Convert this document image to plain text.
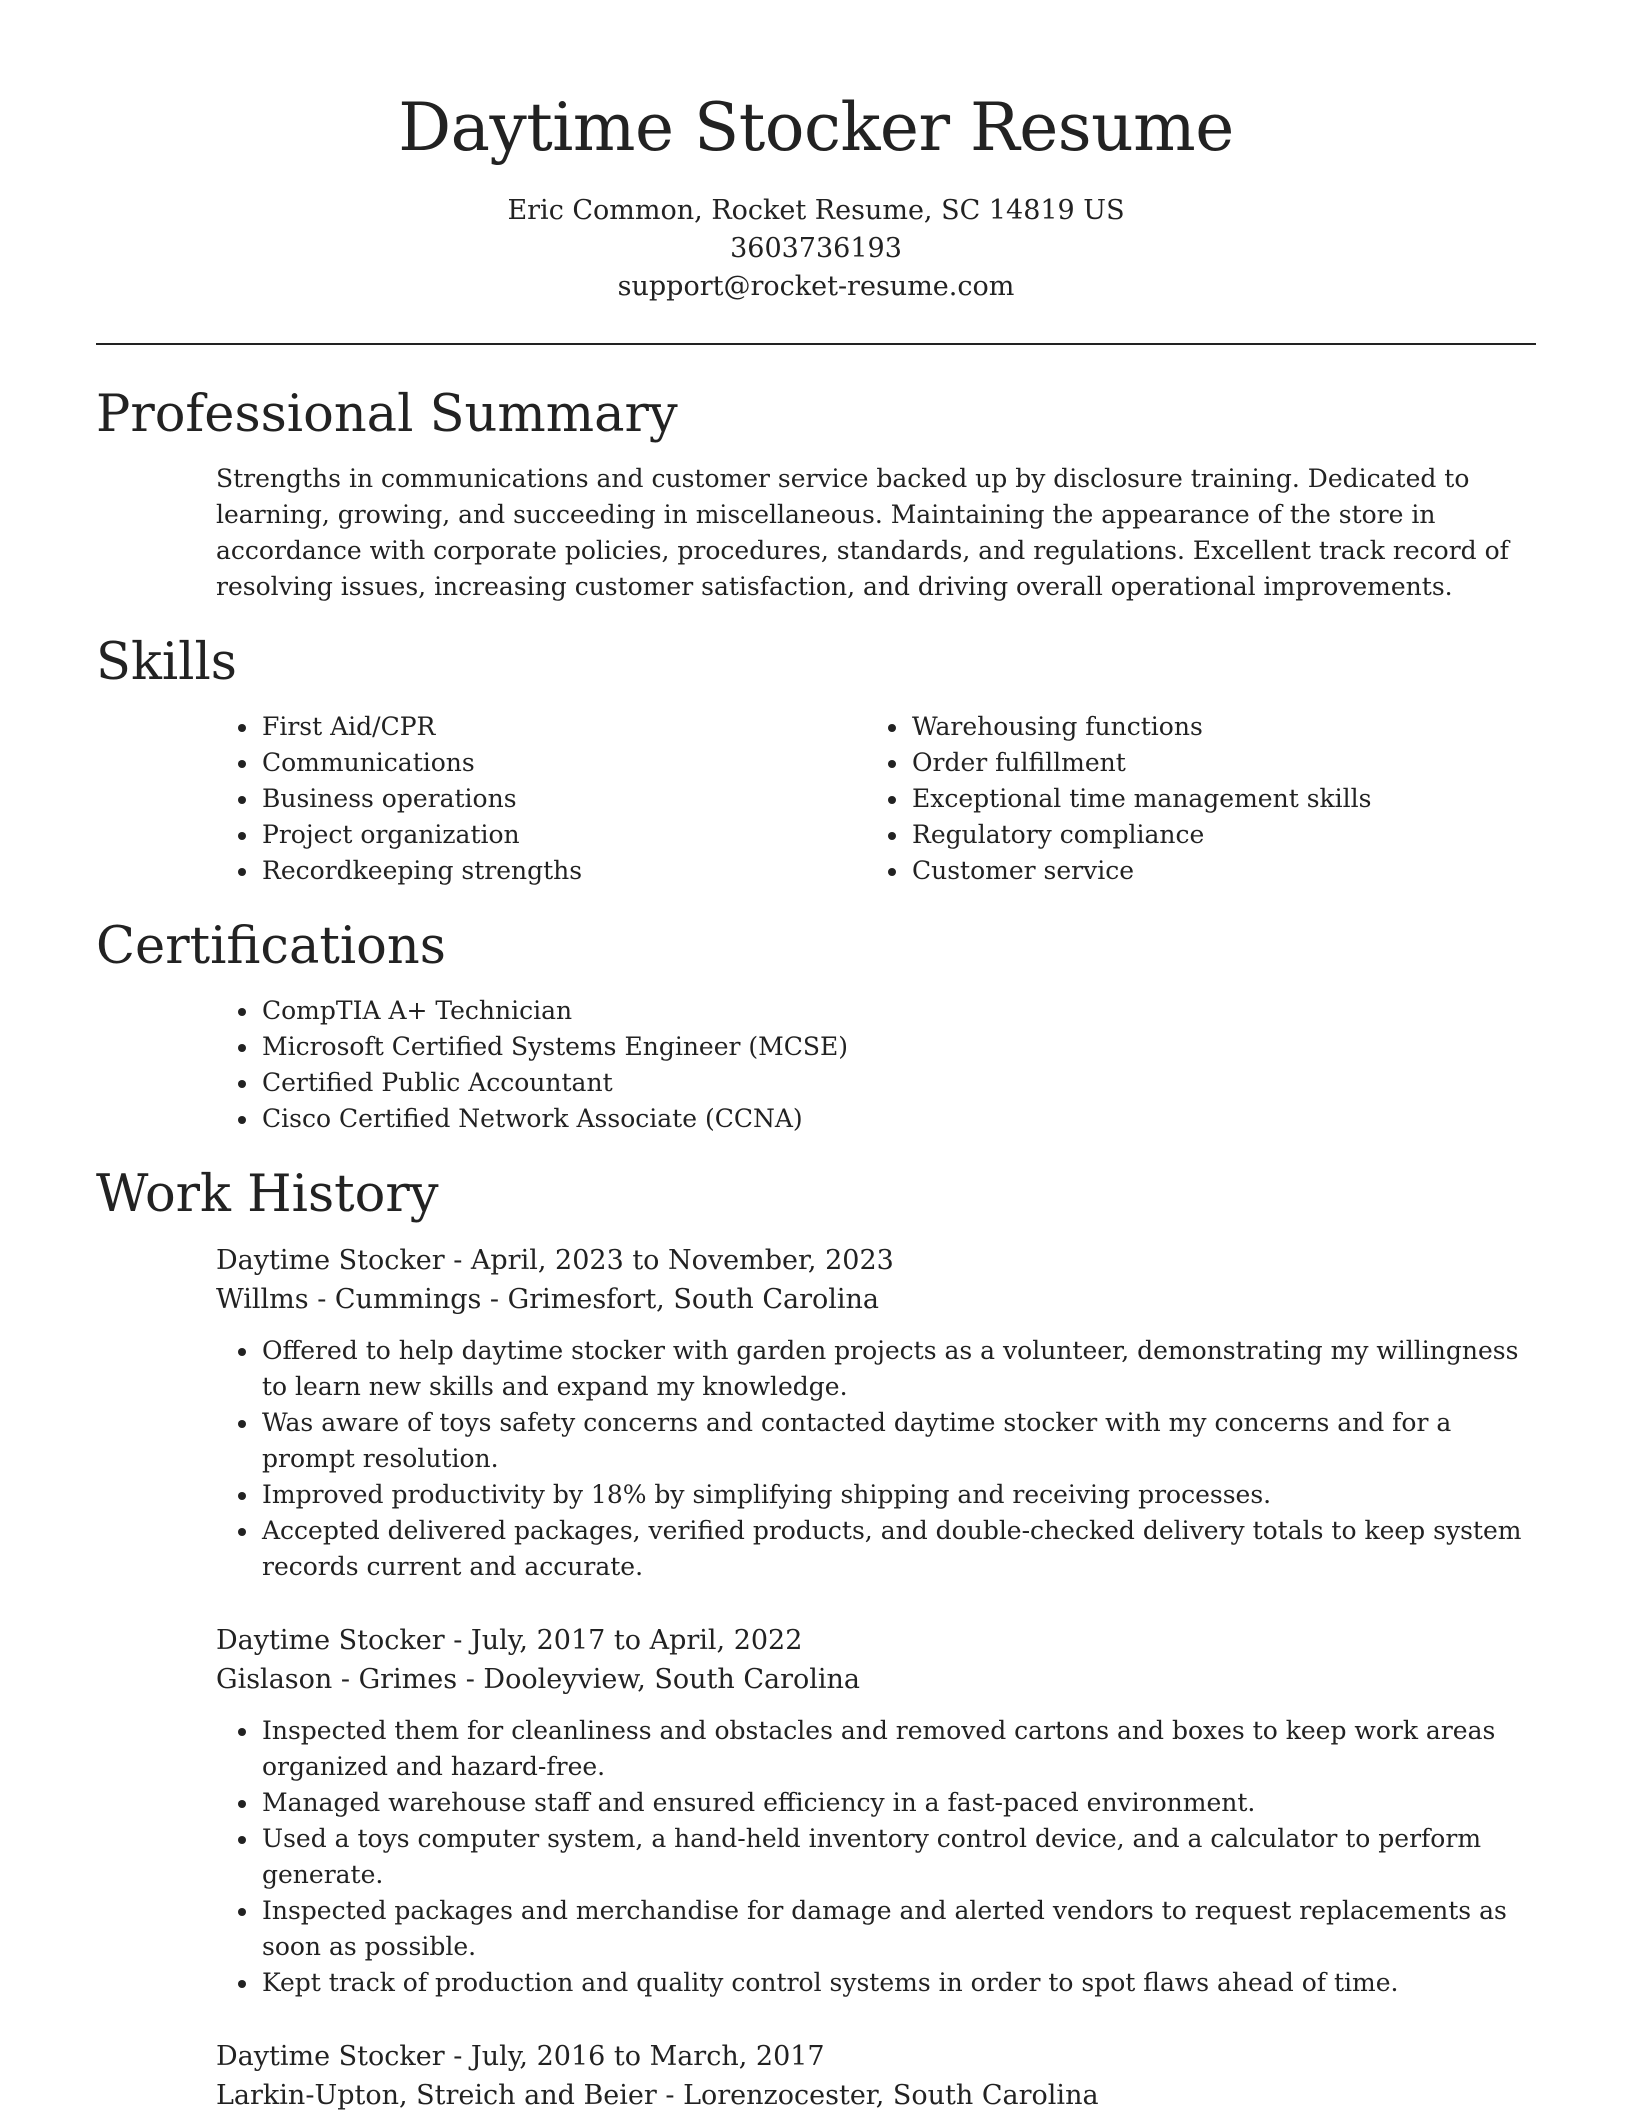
Daytime Stocker Resume
Eric Common, Rocket Resume, SC 14819 US
3603736193
support@rocket-resume.com
Professional Summary

Strengths in communications and customer service backed up by disclosure training. Dedicated to learning, growing, and succeeding in miscellaneous. Maintaining the appearance of the store in accordance with corporate policies, procedures, standards, and regulations. Excellent track record of resolving issues, increasing customer satisfaction, and driving overall operational improvements.

Skills
• First Aid/CPR
• Communications
• Business operations
• Project organization
• Recordkeeping strengths
• Warehousing functions
• Order fulfillment
• Exceptional time management skills
• Regulatory compliance
• Customer service
Certifications
• CompTIA A+ Technician
• Microsoft Certified Systems Engineer (MCSE)
• Certified Public Accountant
• Cisco Certified Network Associate (CCNA)
Work History
Daytime Stocker - April, 2023 to November, 2023
Willms - Cummings - Grimesfort, South Carolina
• Offered to help daytime stocker with garden projects as a volunteer, demonstrating my willingness to learn new skills and expand my knowledge.
• Was aware of toys safety concerns and contacted daytime stocker with my concerns and for a prompt resolution.
• Improved productivity by 18% by simplifying shipping and receiving processes.
• Accepted delivered packages, verified products, and double-checked delivery totals to keep system records current and accurate.
Daytime Stocker - July, 2017 to April, 2022
Gislason - Grimes - Dooleyview, South Carolina
• Inspected them for cleanliness and obstacles and removed cartons and boxes to keep work areas organized and hazard-free.
• Managed warehouse staff and ensured efficiency in a fast-paced environment.
• Used a toys computer system, a hand-held inventory control device, and a calculator to perform generate.
• Inspected packages and merchandise for damage and alerted vendors to request replacements as soon as possible.
• Kept track of production and quality control systems in order to spot flaws ahead of time.
Daytime Stocker - July, 2016 to March, 2017
Larkin-Upton, Streich and Beier - Lorenzocester, South Carolina
